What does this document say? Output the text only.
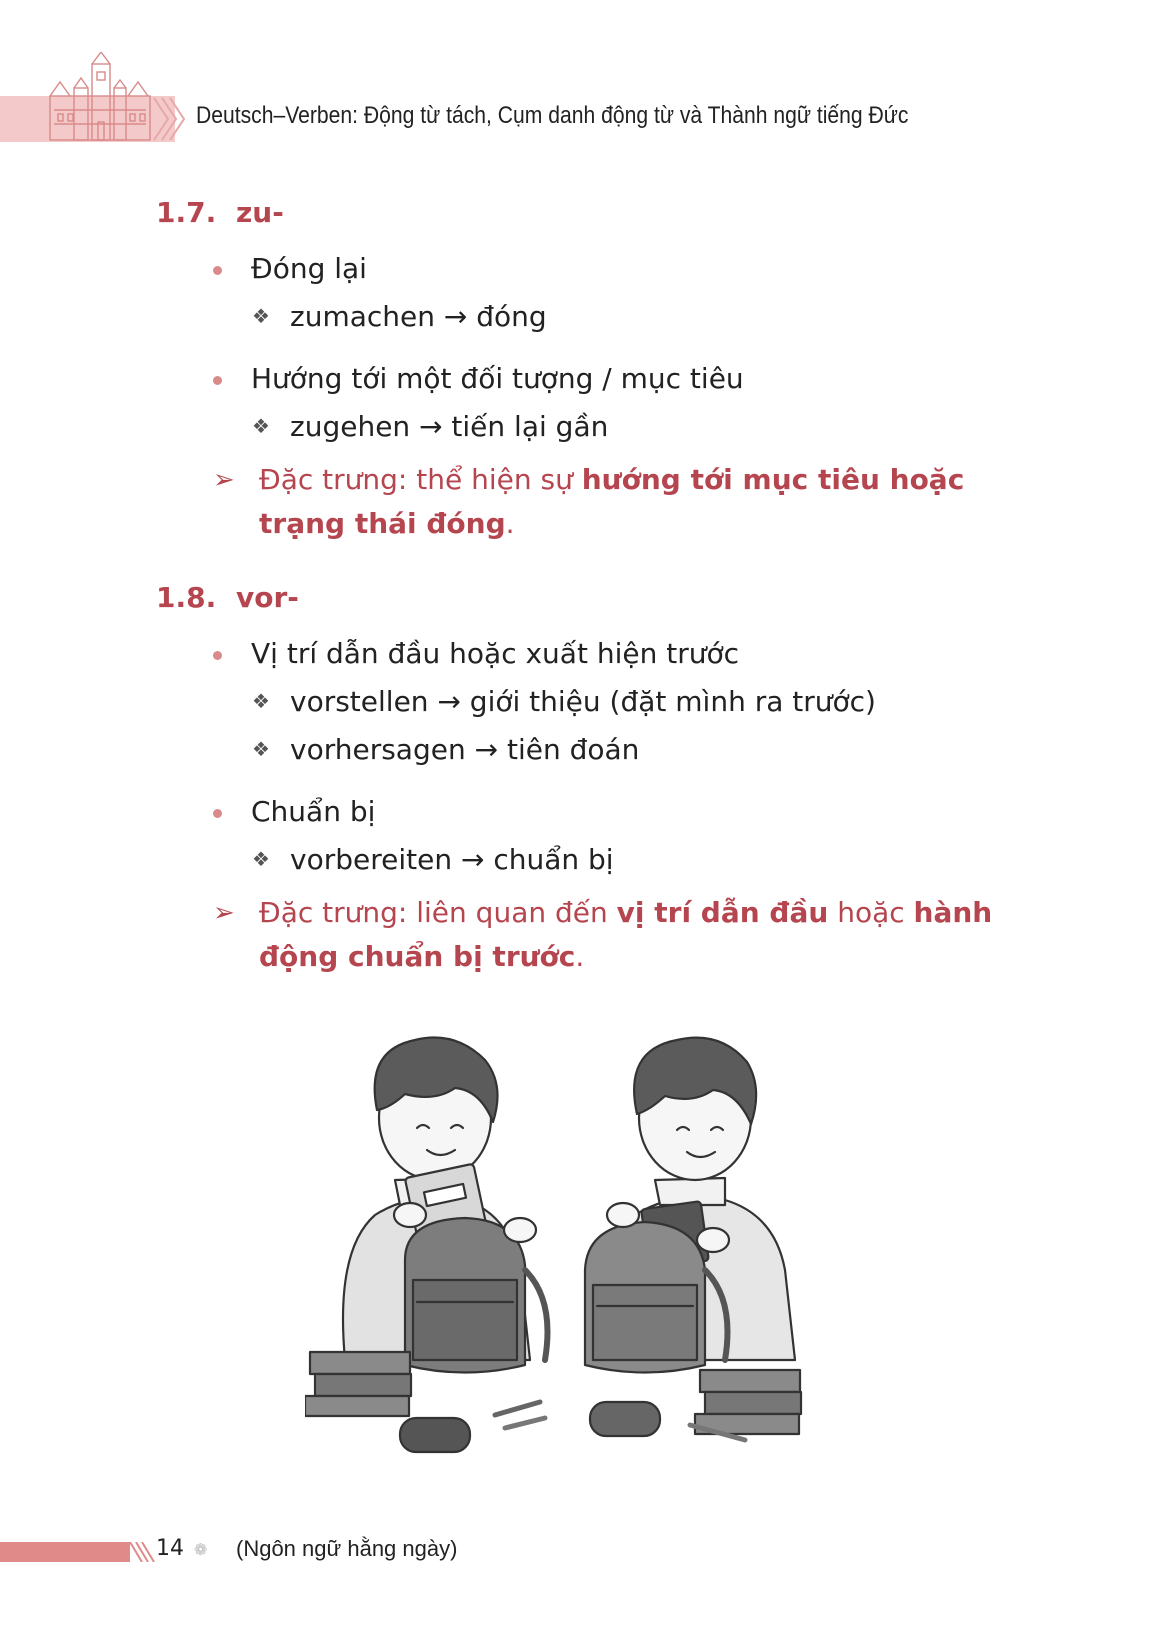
Deutsch–Verben: Động từ tách, Cụm danh động từ và Thành ngữ tiếng Đức
1.7. zu-
Đóng lại
❖ zumachen → đóng
Hướng tới một đối tượng / mục tiêu
❖ zugehen → tiến lại gần
➢ Đặc trưng: thể hiện sự hướng tới mục tiêu hoặc trạng thái đóng.
1.8. vor-
Vị trí dẫn đầu hoặc xuất hiện trước
❖ vorstellen → giới thiệu (đặt mình ra trước)
❖ vorhersagen → tiên đoán
Chuẩn bị
❖ vorbereiten → chuẩn bị
➢ Đặc trưng: liên quan đến vị trí dẫn đầu hoặc hành động chuẩn bị trước.
14 ❁ (Ngôn ngữ hằng ngày)
